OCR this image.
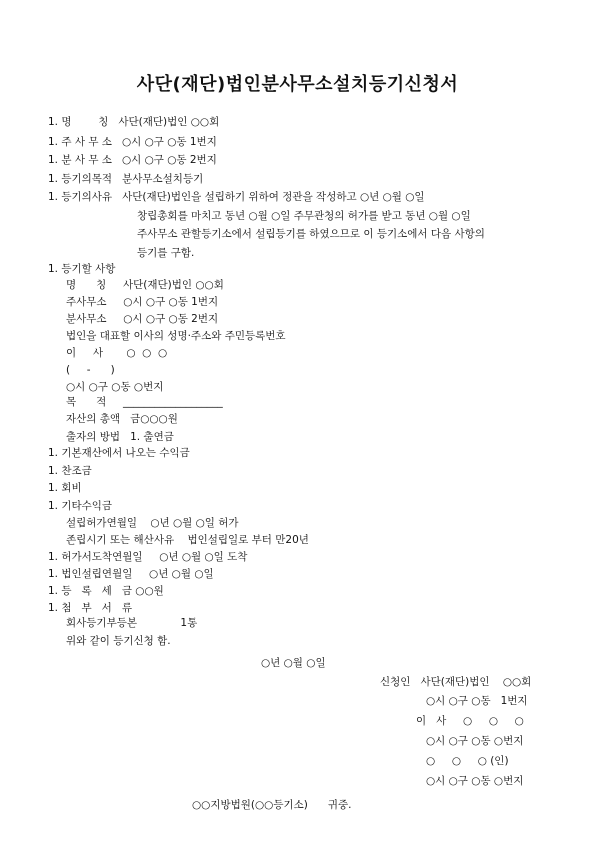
사단(재단)법인분사무소설치등기신청서
1. 명        칭   사단(재단)법인 ○○회
1. 주 사 무 소   ○시 ○구 ○동 1번지
1. 분 사 무 소   ○시 ○구 ○동 2번지
1. 등기의목적   분사무소설치등기
1. 등기의사유   사단(재단)법인을 설립하기 위하여 정관을 작성하고 ○년 ○월 ○일
창립총회를 마치고 동년 ○월 ○일 주무관청의 허가를 받고 동년 ○월 ○일
주사무소 관할등기소에서 설립등기를 하였으므로 이 등기소에서 다음 사항의
등기를 구함.
1. 등기할 사항
명      칭     사단(재단)법인 ○○회
주사무소     ○시 ○구 ○동 1번지
분사무소     ○시 ○구 ○동 2번지
법인을 대표할 이사의 성명·주소와 주민등록번호
이     사       ○  ○  ○
(     -      )
○시 ○구 ○동 ○번지
목      적     ___________________
자산의 총액   금○○○원
출자의 방법   1. 출연금
1. 기본재산에서 나오는 수익금
1. 찬조금
1. 회비
1. 기타수익금
설립허가연월일    ○년 ○월 ○일 허가
존립시기 또는 해산사유    법인설립일로 부터 만20년
1. 허가서도착연월일     ○년 ○월 ○일 도착
1. 법인설립연월일     ○년 ○월 ○일
1. 등   록   세   금 ○○원
1. 첨   부   서   류
회사등기부등본             1통
위와 같이 등기신청 함.
○년 ○월 ○일
신청인   사단(재단)법인    ○○회
○시 ○구 ○동   1번지
이   사     ○     ○     ○
○시 ○구 ○동 ○번지
○     ○     ○ (인)
○시 ○구 ○동 ○번지
○○지방법원(○○등기소)      귀중.
